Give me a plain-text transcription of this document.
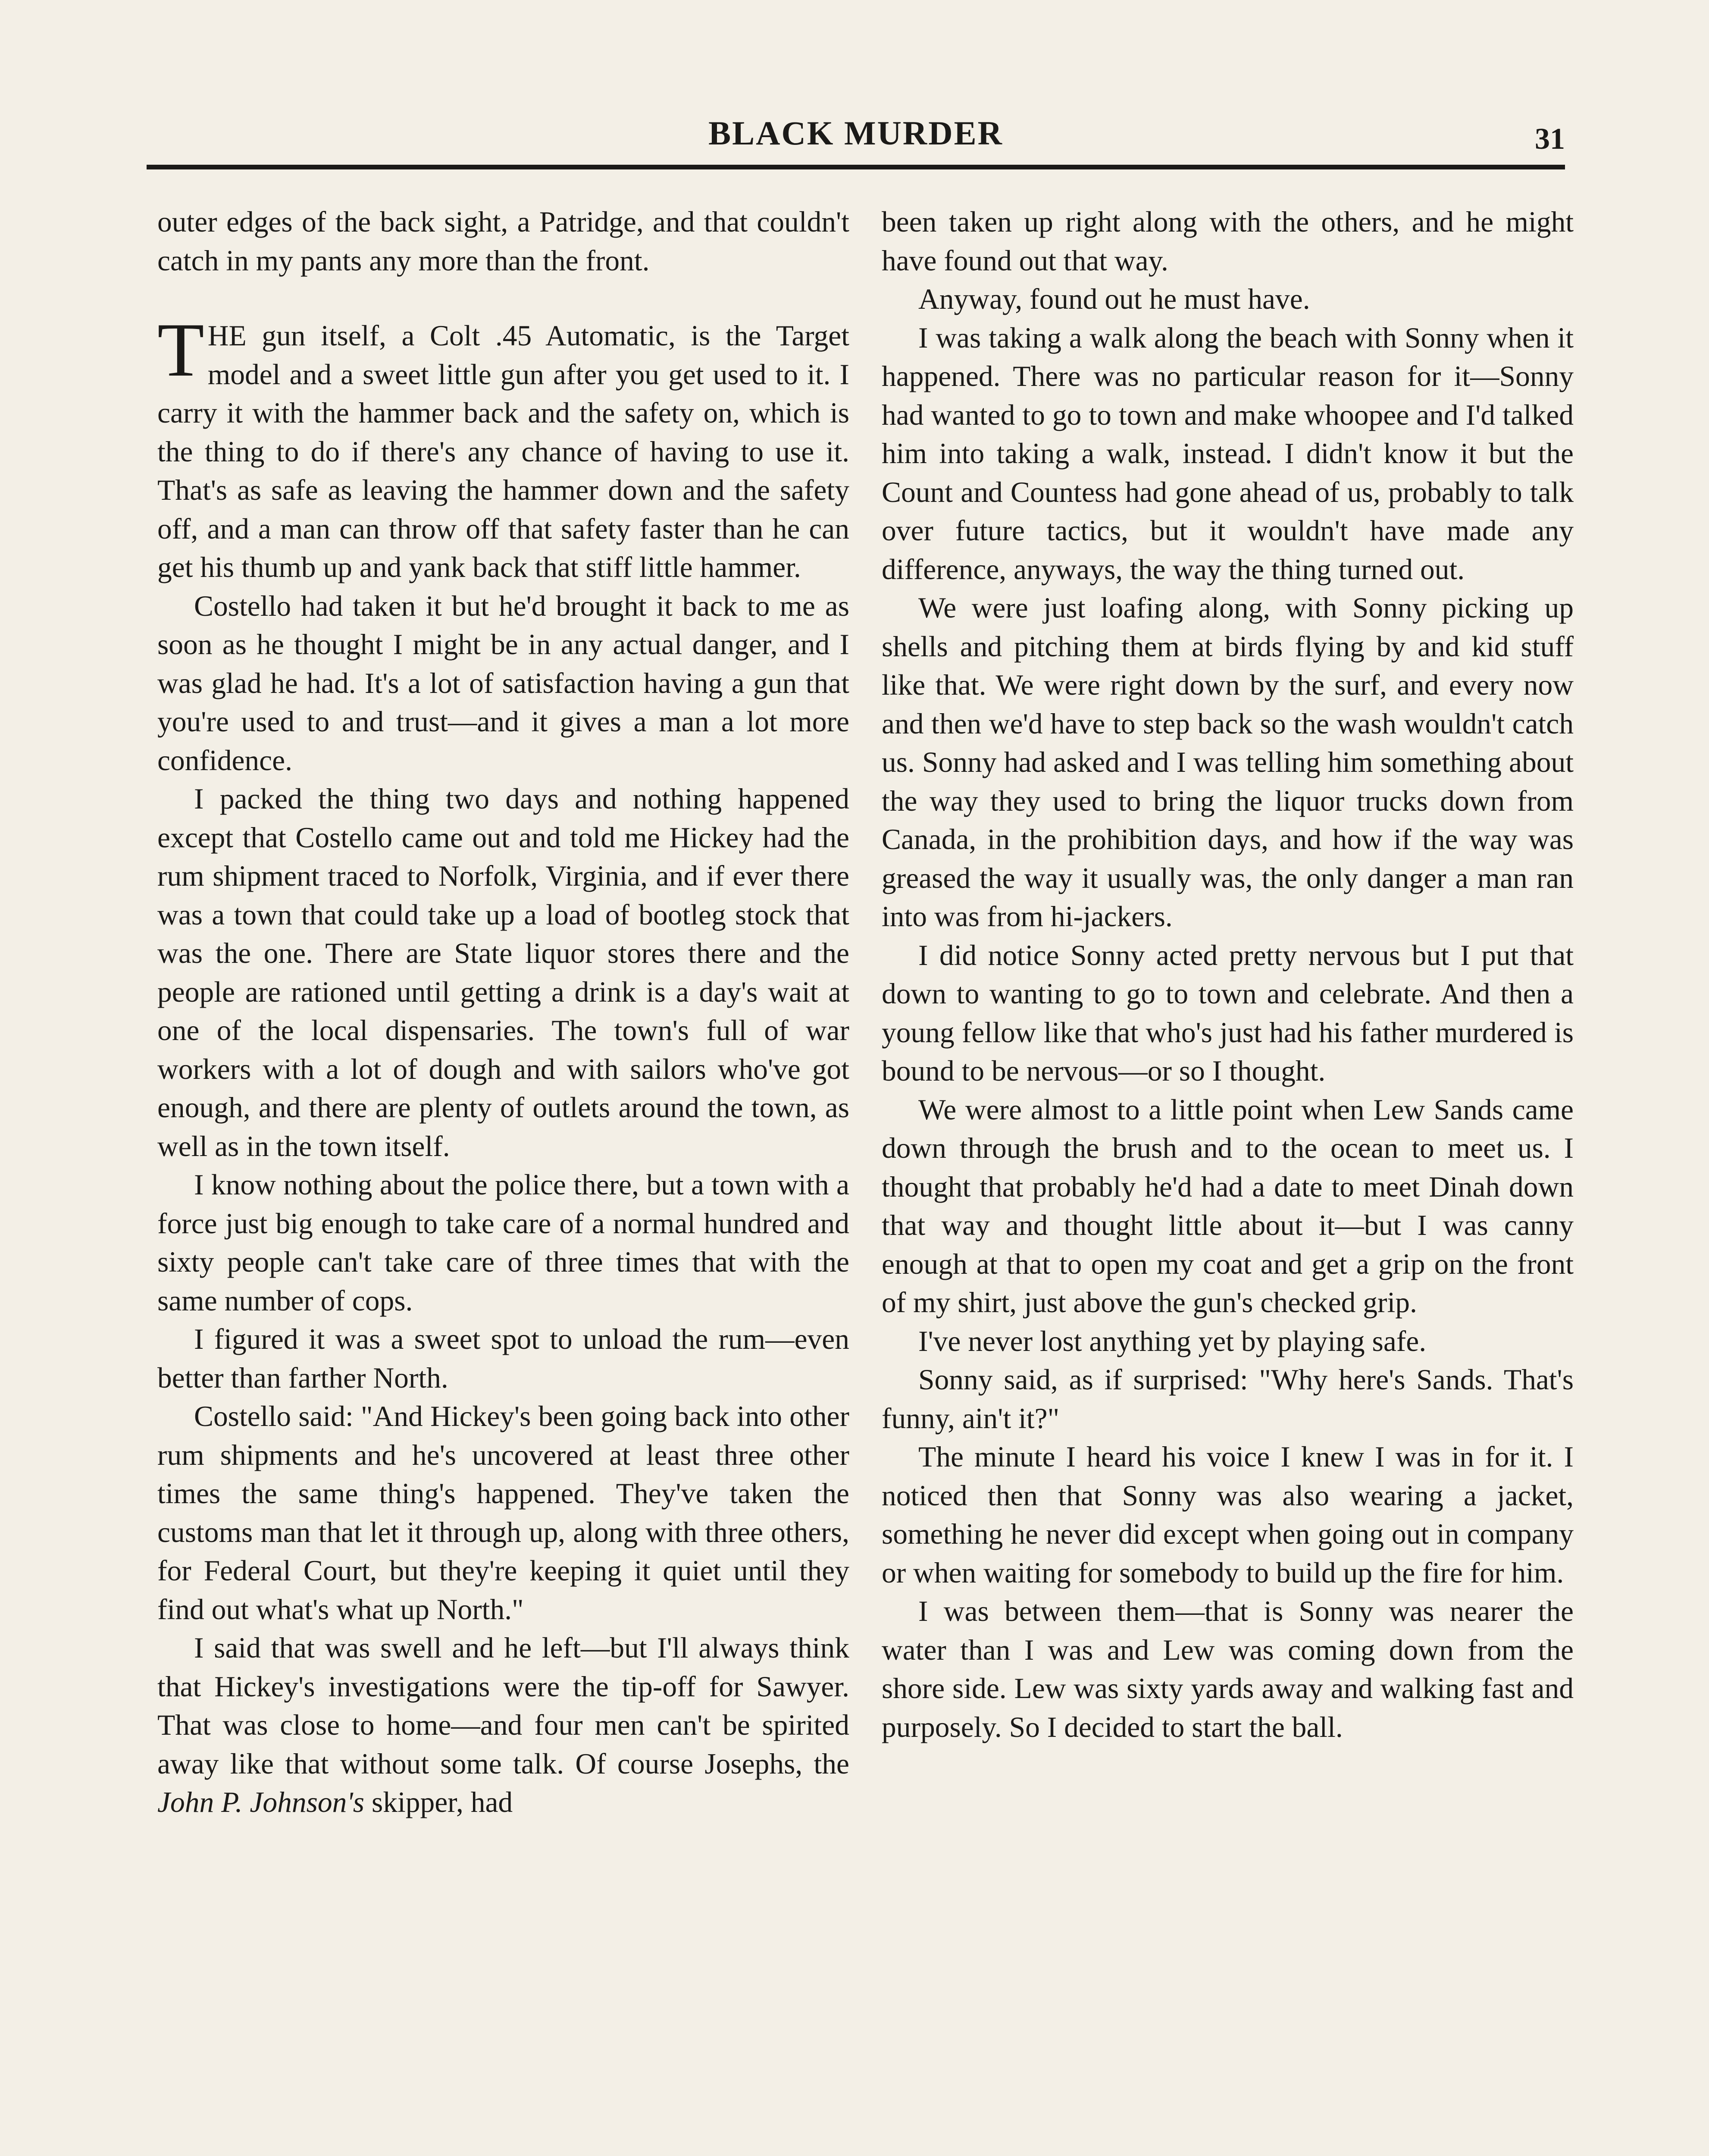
BLACK MURDER	31

outer edges of the back sight, a Patridge, and that couldn't catch in my pants any more than the front.

THE gun itself, a Colt .45 Automatic, is the Target model and a sweet little gun after you get used to it. I carry it with the hammer back and the safety on, which is the thing to do if there's any chance of having to use it. That's as safe as leaving the hammer down and the safety off, and a man can throw off that safety faster than he can get his thumb up and yank back that stiff little hammer.

Costello had taken it but he'd brought it back to me as soon as he thought I might be in any actual danger, and I was glad he had. It's a lot of satisfaction having a gun that you're used to and trust—and it gives a man a lot more confidence.

I packed the thing two days and nothing happened except that Costello came out and told me Hickey had the rum shipment traced to Norfolk, Virginia, and if ever there was a town that could take up a load of bootleg stock that was the one. There are State liquor stores there and the people are rationed until getting a drink is a day's wait at one of the local dispensaries. The town's full of war workers with a lot of dough and with sailors who've got enough, and there are plenty of outlets around the town, as well as in the town itself.

I know nothing about the police there, but a town with a force just big enough to take care of a normal hundred and sixty people can't take care of three times that with the same number of cops.

I figured it was a sweet spot to unload the rum—even better than farther North.

Costello said: "And Hickey's been going back into other rum shipments and he's uncovered at least three other times the same thing's happened. They've taken the customs man that let it through up, along with three others, for Federal Court, but they're keeping it quiet until they find out what's what up North."

I said that was swell and he left—but I'll always think that Hickey's investigations were the tip-off for Sawyer. That was close to home—and four men can't be spirited away like that without some talk. Of course Josephs, the John P. Johnson's skipper, had

been taken up right along with the others, and he might have found out that way.

Anyway, found out he must have.

I was taking a walk along the beach with Sonny when it happened. There was no particular reason for it—Sonny had wanted to go to town and make whoopee and I'd talked him into taking a walk, instead. I didn't know it but the Count and Countess had gone ahead of us, probably to talk over future tactics, but it wouldn't have made any difference, anyways, the way the thing turned out.

We were just loafing along, with Sonny picking up shells and pitching them at birds flying by and kid stuff like that. We were right down by the surf, and every now and then we'd have to step back so the wash wouldn't catch us. Sonny had asked and I was telling him something about the way they used to bring the liquor trucks down from Canada, in the prohibition days, and how if the way was greased the way it usually was, the only danger a man ran into was from hi-jackers.

I did notice Sonny acted pretty nervous but I put that down to wanting to go to town and celebrate. And then a young fellow like that who's just had his father murdered is bound to be nervous—or so I thought.

We were almost to a little point when Lew Sands came down through the brush and to the ocean to meet us. I thought that probably he'd had a date to meet Dinah down that way and thought little about it—but I was canny enough at that to open my coat and get a grip on the front of my shirt, just above the gun's checked grip.

I've never lost anything yet by playing safe.

Sonny said, as if surprised: "Why here's Sands. That's funny, ain't it?"

The minute I heard his voice I knew I was in for it. I noticed then that Sonny was also wearing a jacket, something he never did except when going out in company or when waiting for somebody to build up the fire for him.

I was between them—that is Sonny was nearer the water than I was and Lew was coming down from the shore side. Lew was sixty yards away and walking fast and purposely. So I decided to start the ball.
